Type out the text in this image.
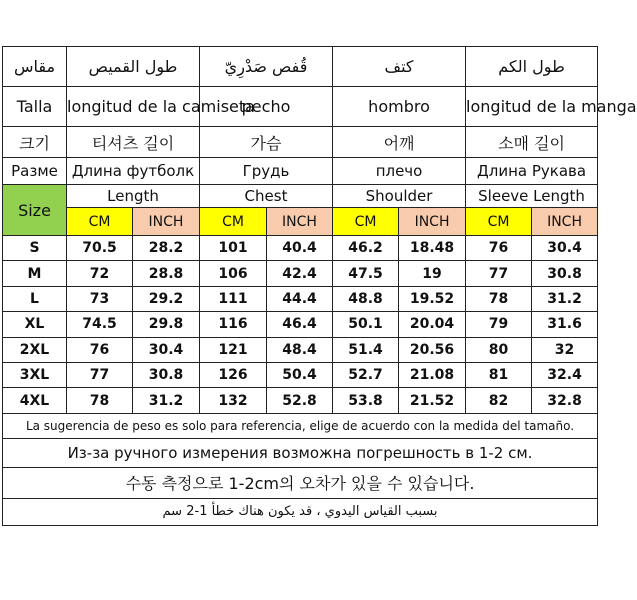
مقاس	طول القميص		قُفص صَدْرِيّ		كتف		طول الكم	
Talla	longitud de la camiseta		pecho		hombro		longitud de la manga	
크기	티셔츠 길이		가슴		어깨		소매 길이	
Разме	Длина футболк		Грудь		плечо		Длина Рукава	
Size	Length		Chest		Shoulder		Sleeve Length	
	CM	INCH	CM	INCH	CM	INCH	CM	INCH
S	70.5	28.2	101	40.4	46.2	18.48	76	30.4
M	72	28.8	106	42.4	47.5	19	77	30.8
L	73	29.2	111	44.4	48.8	19.52	78	31.2
XL	74.5	29.8	116	46.4	50.1	20.04	79	31.6
2XL	76	30.4	121	48.4	51.4	20.56	80	32
3XL	77	30.8	126	50.4	52.7	21.08	81	32.4
4XL	78	31.2	132	52.8	53.8	21.52	82	32.8
La sugerencia de peso es solo para referencia, elige de acuerdo con la medida del tamaño.								
Из-за ручного измерения возможна погрешность в 1-2 см.								
수동 측정으로 1-2cm의 오차가 있을 수 있습니다.								
بسبب القياس اليدوي ، قد يكون هناك خطأ 1-2 سم								
